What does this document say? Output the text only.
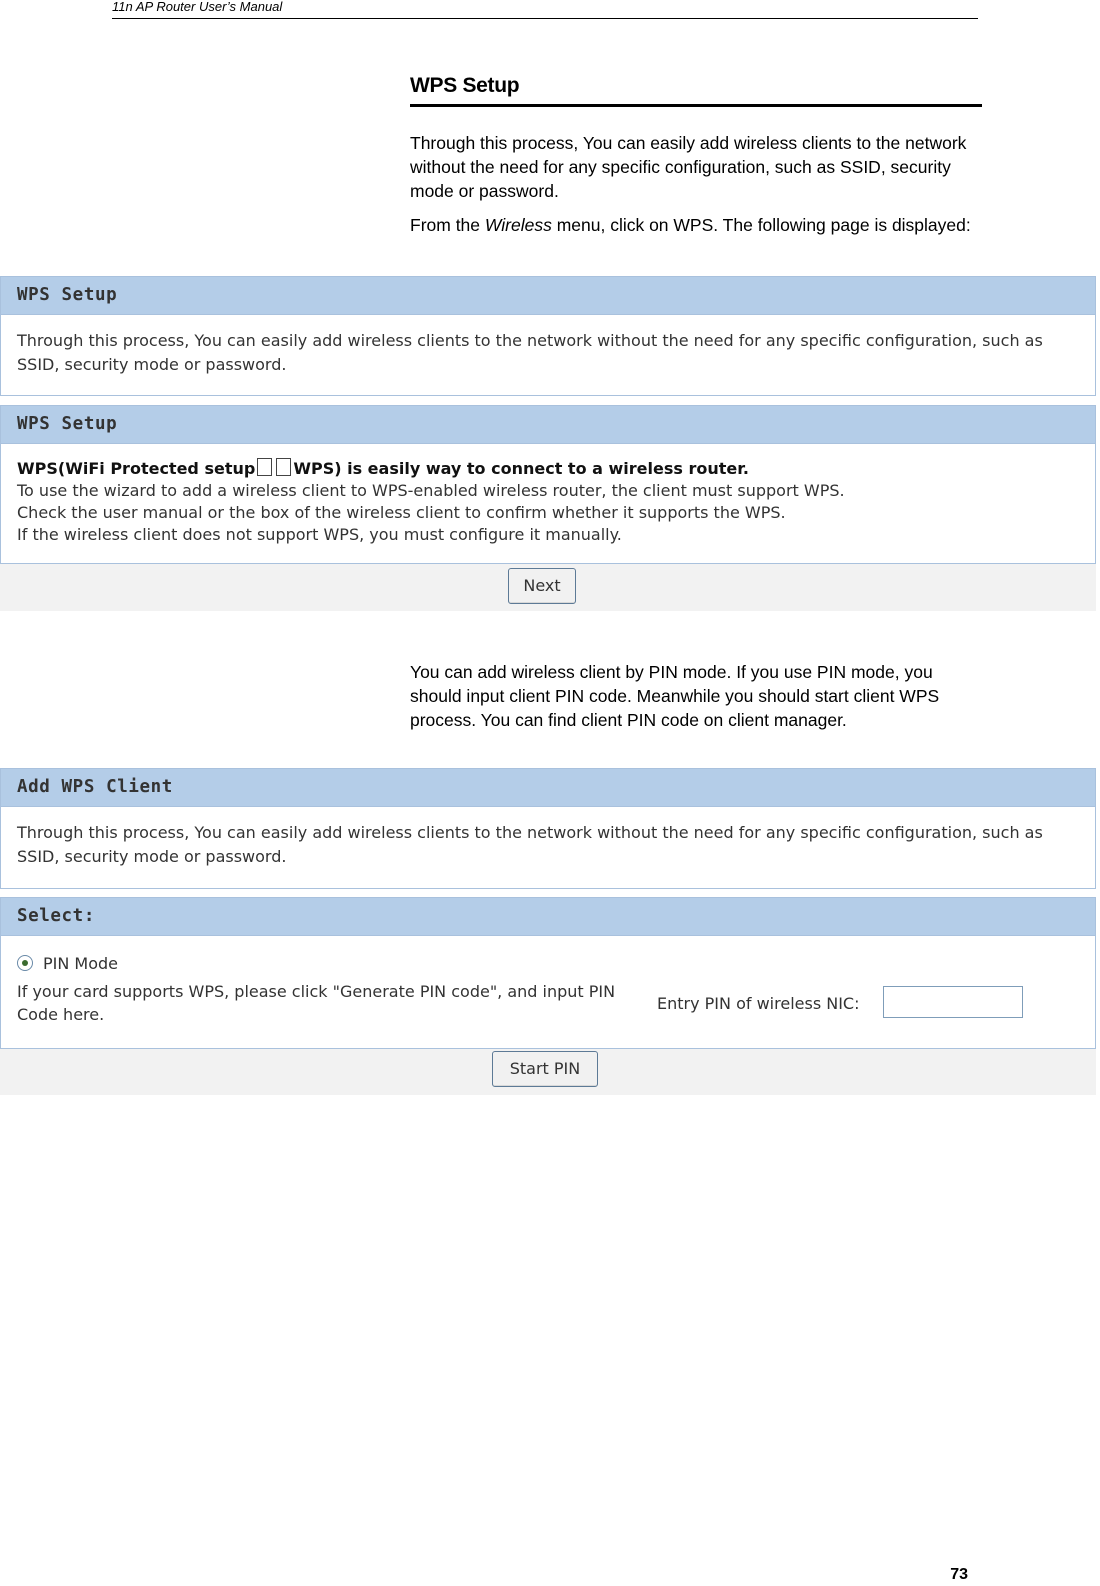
11n AP Router User’s Manual
WPS Setup
Through this process, You can easily add wireless clients to the network without the need for any specific configuration, such as SSID, security mode or password.
From the Wireless menu, click on WPS. The following page is displayed:
WPS Setup
Through this process, You can easily add wireless clients to the network without the need for any specific configuration, such as SSID, security mode or password.
WPS Setup
WPS(WiFi Protected setup WPS) is easily way to connect to a wireless router.
To use the wizard to add a wireless client to WPS-enabled wireless router, the client must support WPS.
Check the user manual or the box of the wireless client to confirm whether it supports the WPS.
If the wireless client does not support WPS, you must configure it manually.
Next
You can add wireless client by PIN mode. If you use PIN mode, you should input client PIN code. Meanwhile you should start client WPS process. You can find client PIN code on client manager.
Add WPS Client
Through this process, You can easily add wireless clients to the network without the need for any specific configuration, such as SSID, security mode or password.
Select:
PIN Mode
If your card supports WPS, please click "Generate PIN code", and input PIN Code here.
Entry PIN of wireless NIC:
Start PIN
73
